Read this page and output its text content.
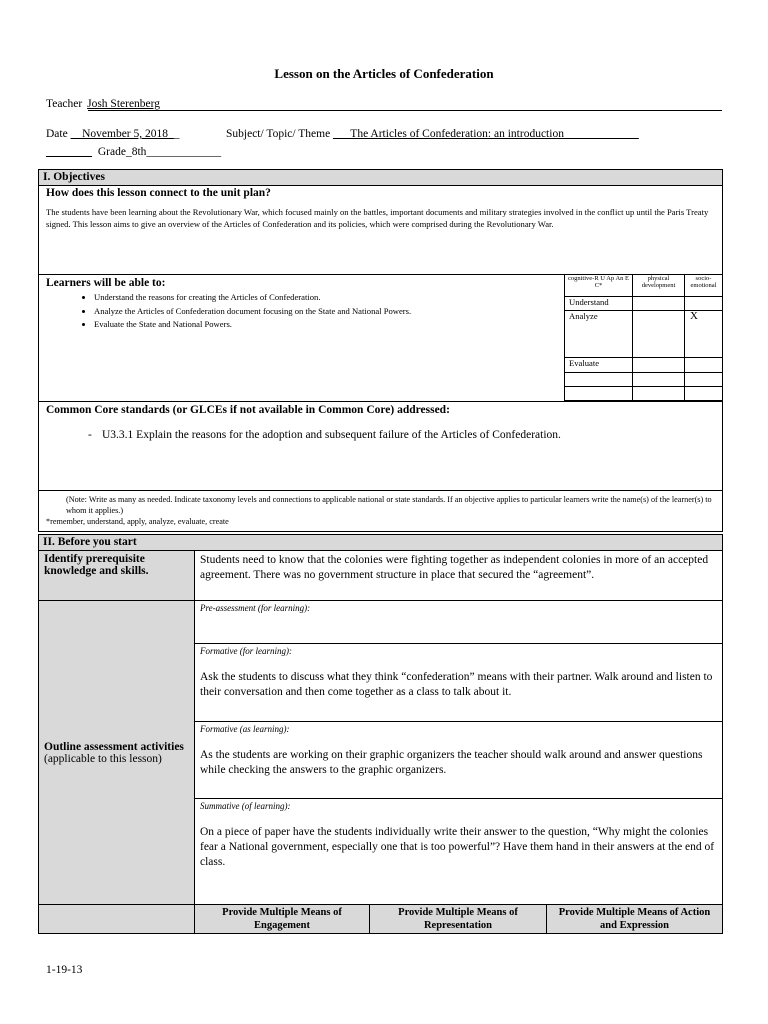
Lesson on the Articles of Confederation
Teacher Josh Sterenberg
Date __November 5, 2018__	Subject/ Topic/ Theme ___The Articles of Confederation: an introduction_____________
________ Grade_8th_____________
I. Objectives

How does this lesson connect to the unit plan?
The students have been learning about the Revolutionary War, which focused mainly on the battles, important documents and military strategies involved in the conflict up until the Paris Treaty signed. This lesson aims to give an overview of the Articles of Confederation and its policies, which were comprised during the Revolutionary War.

Learners will be able to:
• Understand the reasons for creating the Articles of Confederation.
• Analyze the Articles of Confederation document focusing on the State and National Powers.
• Evaluate the State and National Powers.
cognitive-R U Ap An E C*	physical development	socio-emotional
Understand		
Analyze		X
Evaluate		

Common Core standards (or GLCEs if not available in Common Core) addressed:
- U3.3.1 Explain the reasons for the adoption and subsequent failure of the Articles of Confederation.

(Note: Write as many as needed. Indicate taxonomy levels and connections to applicable national or state standards. If an objective applies to particular learners write the name(s) of the learner(s) to whom it applies.)
*remember, understand, apply, analyze, evaluate, create
II. Before you start			
Identify prerequisite knowledge and skills.	Students need to know that the colonies were fighting together as independent colonies in more of an accepted agreement. There was no government structure in place that secured the “agreement”.		

Outline assessment activities
(applicable to this lesson)	Pre-assessment (for learning):		

	Formative (for learning):
Ask the students to discuss what they think “confederation” means with their partner. Walk around and listen to their conversation and then come together as a class to talk about it.		

	Formative (as learning):
As the students are working on their graphic organizers the teacher should walk around and answer questions while checking the answers to the graphic organizers.		

	Summative (of learning):
On a piece of paper have the students individually write their answer to the question, “Why might the colonies fear a National government, especially one that is too powerful”? Have them hand in their answers at the end of class.		

	Provide Multiple Means of Engagement	Provide Multiple Means of Representation	Provide Multiple Means of Action and Expression
1-19-13
